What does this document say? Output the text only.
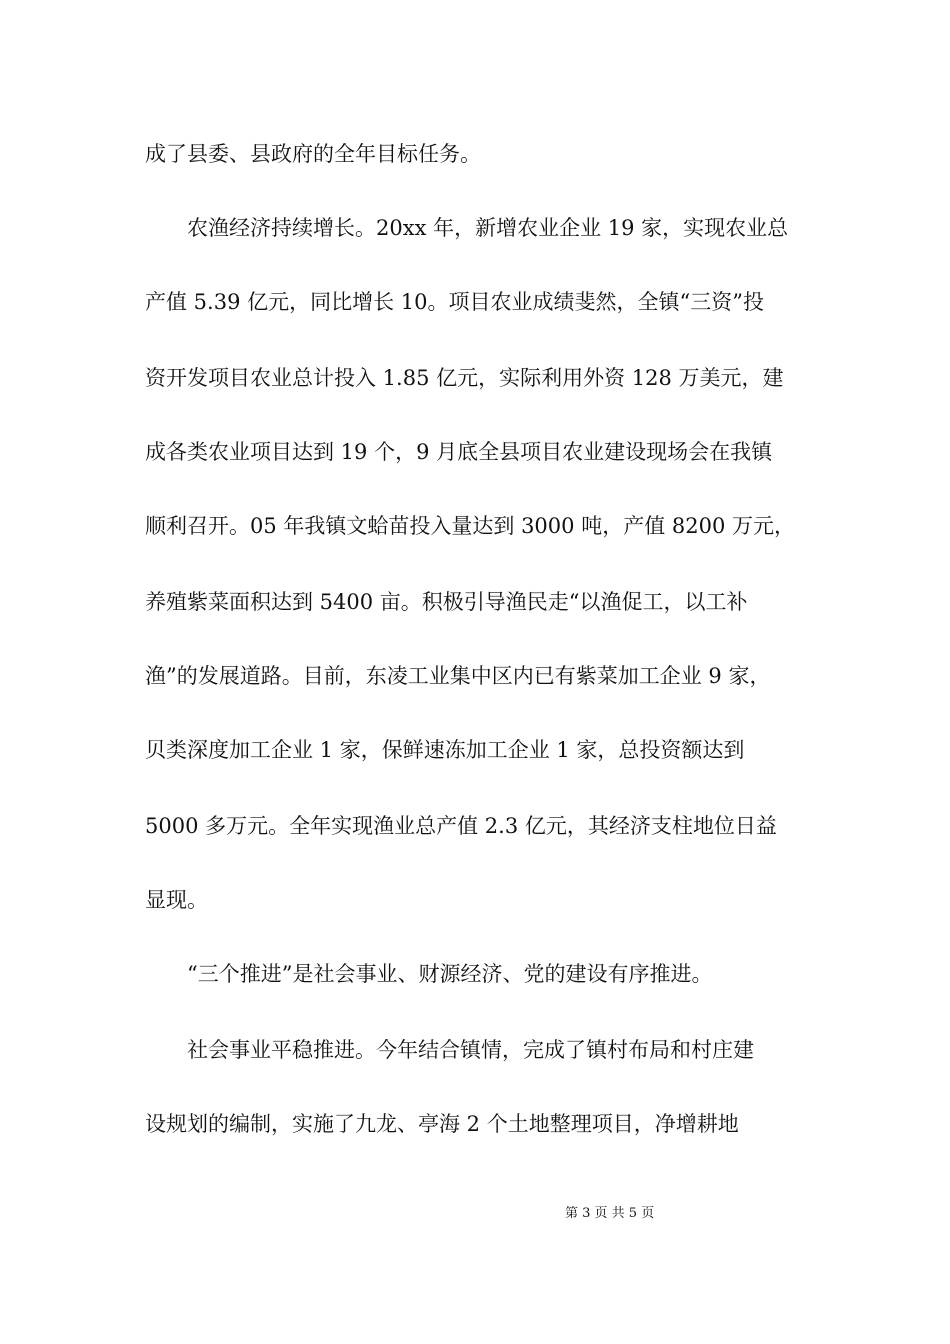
成了县委、县政府的全年目标任务。
　　农渔经济持续增长。20xx 年，新增农业企业 19 家，实现农业总
产值 5.39 亿元，同比增长 10。项目农业成绩斐然，全镇“三资”投
资开发项目农业总计投入 1.85 亿元，实际利用外资 128 万美元，建
成各类农业项目达到 19 个，9 月底全县项目农业建设现场会在我镇
顺利召开。05 年我镇文蛤苗投入量达到 3000 吨，产值 8200 万元，
养殖紫菜面积达到 5400 亩。积极引导渔民走“以渔促工，以工补
渔”的发展道路。目前，东凌工业集中区内已有紫菜加工企业 9 家，
贝类深度加工企业 1 家，保鲜速冻加工企业 1 家，总投资额达到
5000 多万元。全年实现渔业总产值 2.3 亿元，其经济支柱地位日益
显现。
　　“三个推进”是社会事业、财源经济、党的建设有序推进。
　　社会事业平稳推进。今年结合镇情，完成了镇村布局和村庄建
设规划的编制，实施了九龙、亭海 2 个土地整理项目，净增耕地
第 3 页 共 5 页
